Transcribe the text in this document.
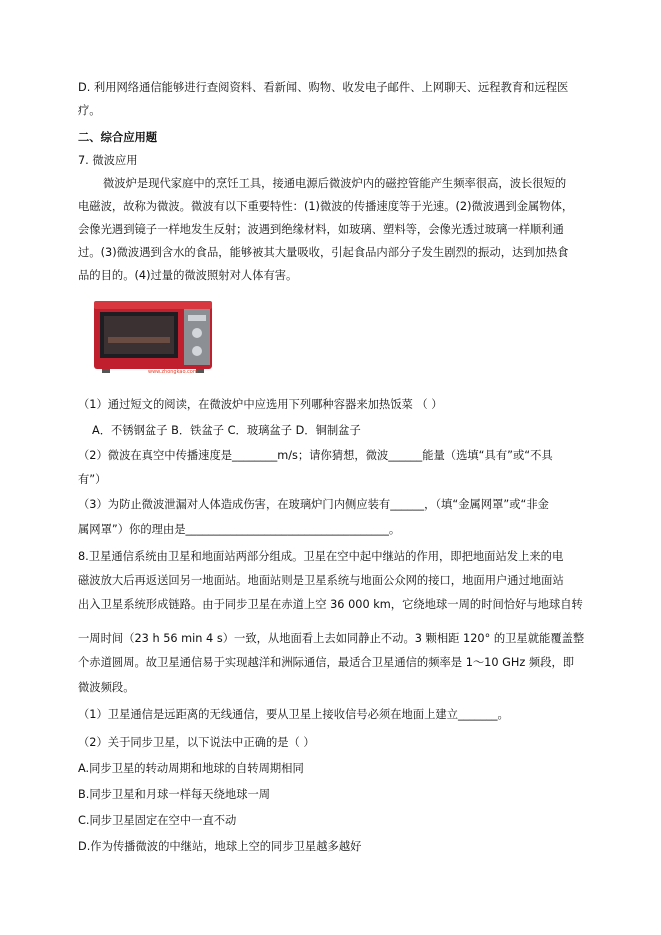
D. 利用网络通信能够进行查阅资料、看新闻、购物、收发电子邮件、上网聊天、远程教育和远程医
疗。
二、综合应用题
7. 微波应用
微波炉是现代家庭中的烹饪工具，接通电源后微波炉内的磁控管能产生频率很高，波长很短的
电磁波，故称为微波。微波有以下重要特性：(1)微波的传播速度等于光速。(2)微波遇到金属物体，
会像光遇到镜子一样地发生反射；波遇到绝缘材料，如玻璃、塑料等，会像光透过玻璃一样顺利通
过。(3)微波遇到含水的食品，能够被其大量吸收，引起食品内部分子发生剧烈的振动，达到加热食
品的目的。(4)过量的微波照射对人体有害。
www.zhongkao.com
（1）通过短文的阅读，在微波炉中应选用下列哪种容器来加热饭菜 （ ）
A．不锈钢盆子 B．铁盆子 C．玻璃盆子 D．铜制盆子
（2）微波在真空中传播速度是________m/s；请你猜想，微波______能量（选填“具有”或“不具
有”）
（3）为防止微波泄漏对人体造成伤害，在玻璃炉门内侧应装有______，（填“金属网罩”或“非金
属网罩”）你的理由是____________________________________。
8.卫星通信系统由卫星和地面站两部分组成。卫星在空中起中继站的作用，即把地面站发上来的电
磁波放大后再返送回另一地面站。地面站则是卫星系统与地面公众网的接口，地面用户通过地面站
出入卫星系统形成链路。由于同步卫星在赤道上空 36 000 km，它绕地球一周的时间恰好与地球自转
一周时间（23 h 56 min 4 s）一致，从地面看上去如同静止不动。3 颗相距 120° 的卫星就能覆盖整
个赤道圆周。故卫星通信易于实现越洋和洲际通信，最适合卫星通信的频率是 1～10 GHz 频段，即
微波频段。
（1）卫星通信是远距离的无线通信，要从卫星上接收信号必须在地面上建立_______。
（2）关于同步卫星，以下说法中正确的是（ ）
A.同步卫星的转动周期和地球的自转周期相同
B.同步卫星和月球一样每天绕地球一周
C.同步卫星固定在空中一直不动
D.作为传播微波的中继站，地球上空的同步卫星越多越好
